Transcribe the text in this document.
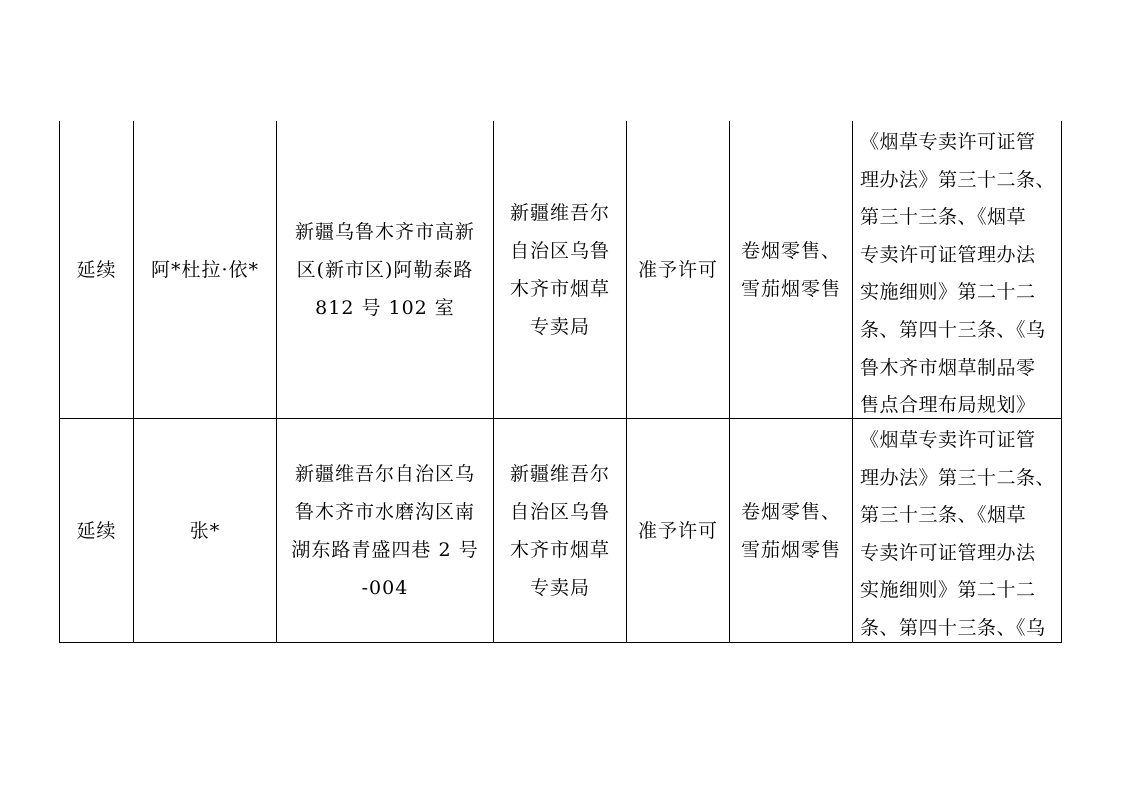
延续 阿*杜拉·依*
新疆乌鲁木齐市高新
区(新市区)阿勒泰路
812 号 102 室
新疆维吾尔
自治区乌鲁
木齐市烟草
专卖局
准予许可
卷烟零售、
雪茄烟零售
《烟草专卖许可证管
理办法》第三十二条、
第三十三条、《烟草
专卖许可证管理办法
实施细则》第二十二
条、第四十三条、《乌
鲁木齐市烟草制品零
售点合理布局规划》
延续	张*
新疆维吾尔自治区乌
鲁木齐市水磨沟区南
湖东路青盛四巷 2 号
-004
新疆维吾尔
自治区乌鲁
木齐市烟草
专卖局
准予许可
卷烟零售、
雪茄烟零售
《烟草专卖许可证管
理办法》第三十二条、
第三十三条、《烟草
专卖许可证管理办法
实施细则》第二十二
条、第四十三条、《乌
